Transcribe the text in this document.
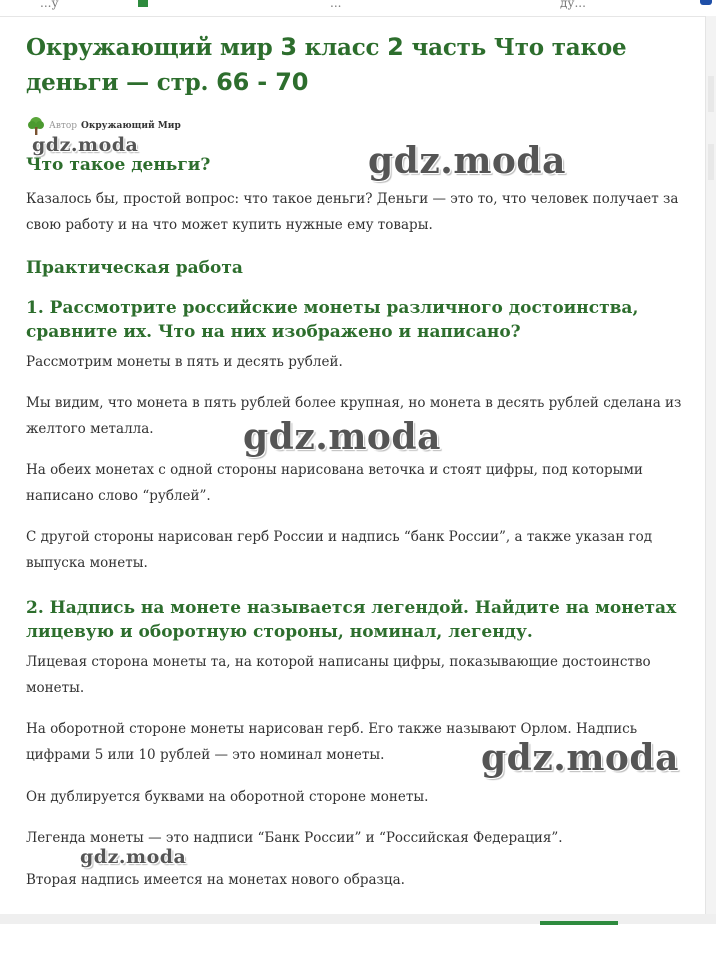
...у	...	ду...
Окружающий мир 3 класс 2 часть Что такое деньги — стр. 66 - 70
Автор Окружающий Мир
Что такое деньги?

Казалось бы, простой вопрос: что такое деньги? Деньги — это то, что человек получает за свою работу и на что может купить нужные ему товары.

Практическая работа
1. Рассмотрите российские монеты различного достоинства, сравните их. Что на них изображено и написано?

Рассмотрим монеты в пять и десять рублей.

Мы видим, что монета в пять рублей более крупная, но монета в десять рублей сделана из желтого металла.

На обеих монетах с одной стороны нарисована веточка и стоят цифры, под которыми написано слово “рублей”.

С другой стороны нарисован герб России и надпись “банк России”, а также указан год выпуска монеты.

2. Надпись на монете называется легендой. Найдите на монетах лицевую и оборотную стороны, номинал, легенду.

Лицевая сторона монеты та, на которой написаны цифры, показывающие достоинство монеты.

На оборотной стороне монеты нарисован герб. Его также называют Орлом. Надпись цифрами 5 или 10 рублей — это номинал монеты.

Он дублируется буквами на оборотной стороне монеты.

Легенда монеты — это надписи “Банк России” и “Российская Федерация”.

Вторая надпись имеется на монетах нового образца.

gdz.moda	gdz.moda
gdz.moda
gdz.moda
gdz.moda
